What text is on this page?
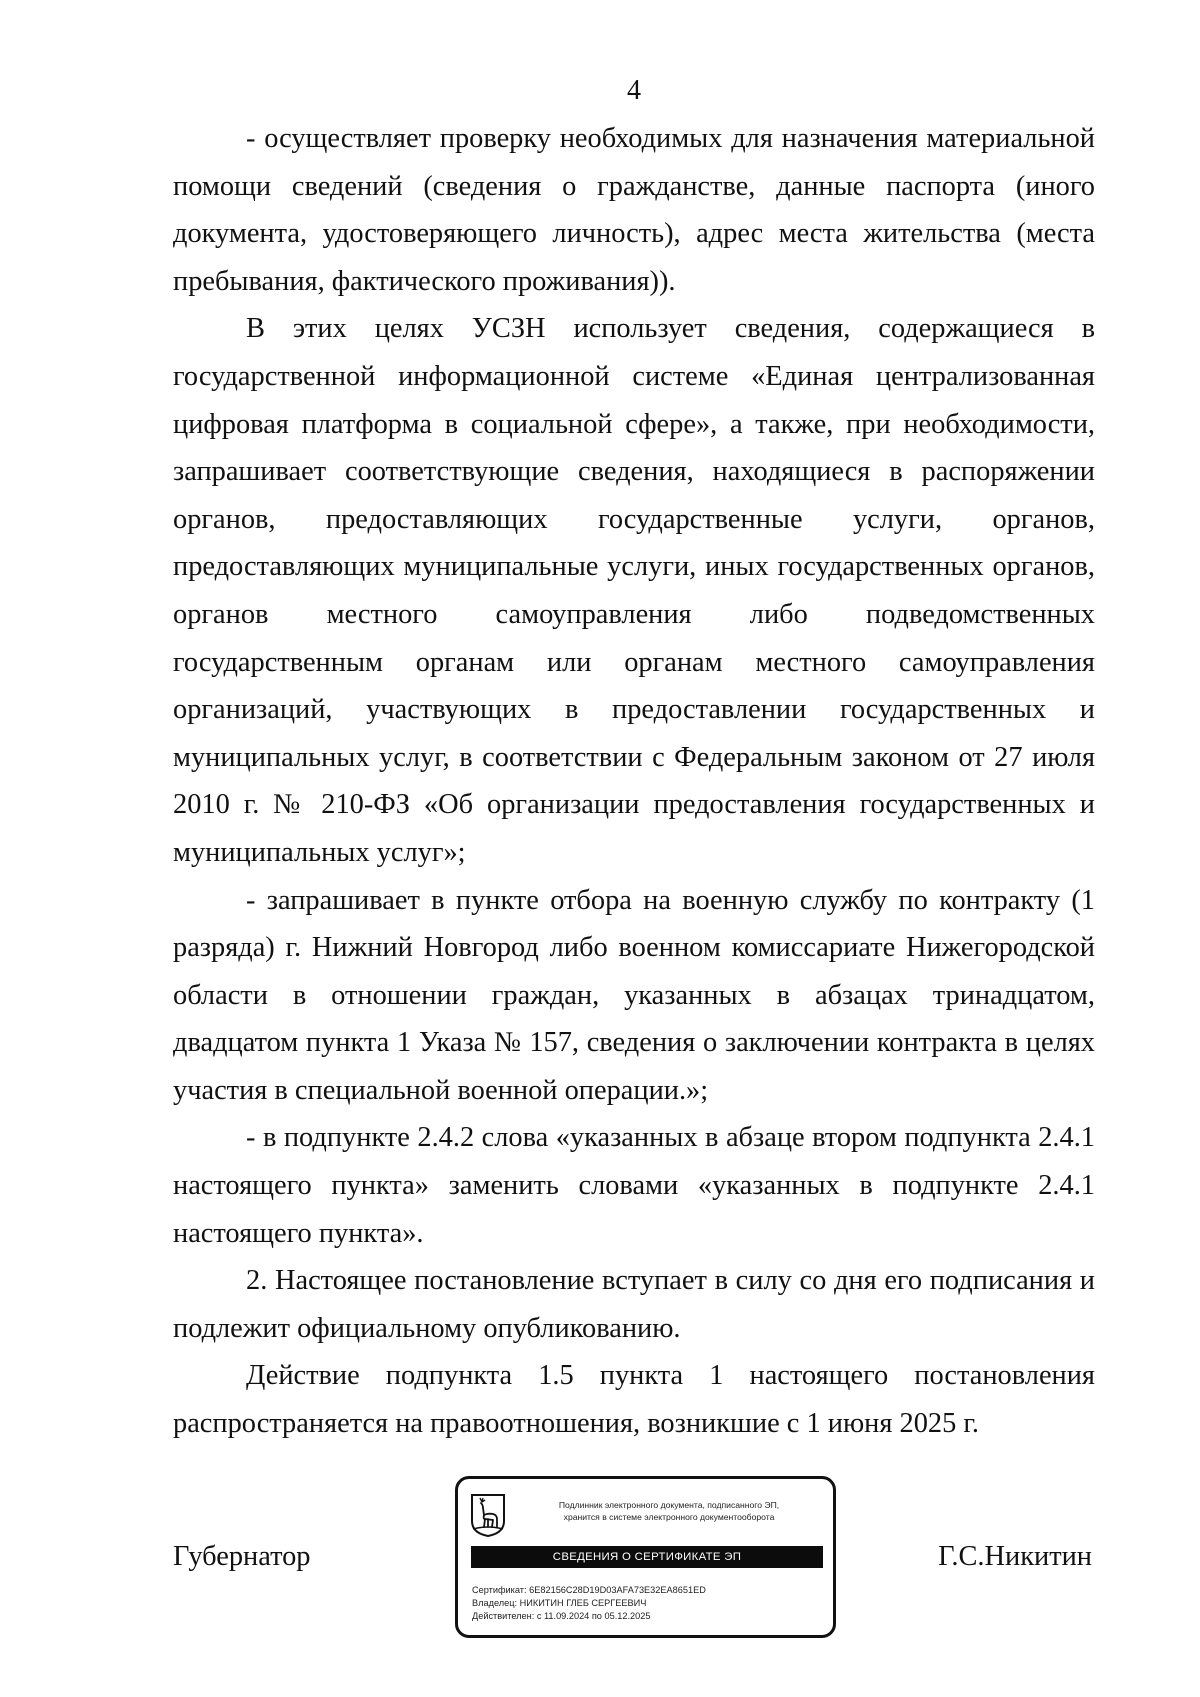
4

- осуществляет проверку необходимых для назначения материальной помощи сведений (сведения о гражданстве, данные паспорта (иного документа, удостоверяющего личность), адрес места жительства (места пребывания, фактического проживания)).

В этих целях УСЗН использует сведения, содержащиеся в государственной информационной системе «Единая централизованная цифровая платформа в социальной сфере», а также, при необходимости, запрашивает соответствующие сведения, находящиеся в распоряжении органов, предоставляющих государственные услуги, органов, предоставляющих муниципальные услуги, иных государственных органов, органов местного самоуправления либо подведомственных государственным органам или органам местного самоуправления организаций, участвующих в предоставлении государственных и муниципальных услуг, в соответствии с Федеральным законом от 27 июля 2010 г. № 210-ФЗ «Об организации предоставления государственных и муниципальных услуг»;

- запрашивает в пункте отбора на военную службу по контракту (1 разряда) г. Нижний Новгород либо военном комиссариате Нижегородской области в отношении граждан, указанных в абзацах тринадцатом, двадцатом пункта 1 Указа № 157, сведения о заключении контракта в целях участия в специальной военной операции.»;

- в подпункте 2.4.2 слова «указанных в абзаце втором подпункта 2.4.1 настоящего пункта» заменить словами «указанных в подпункте 2.4.1 настоящего пункта».

2. Настоящее постановление вступает в силу со дня его подписания и подлежит официальному опубликованию.

Действие подпункта 1.5 пункта 1 настоящего постановления распространяется на правоотношения, возникшие с 1 июня 2025 г.

Губернатор
Подлинник электронного документа, подписанного ЭП,
хранится в системе электронного документооборота
СВЕДЕНИЯ О СЕРТИФИКАТЕ ЭП
Сертификат: 6E82156C28D19D03AFA73E32EA8651ED
Владелец: НИКИТИН ГЛЕБ СЕРГЕЕВИЧ
Действителен: с 11.09.2024 по 05.12.2025
Г.С.Никитин
